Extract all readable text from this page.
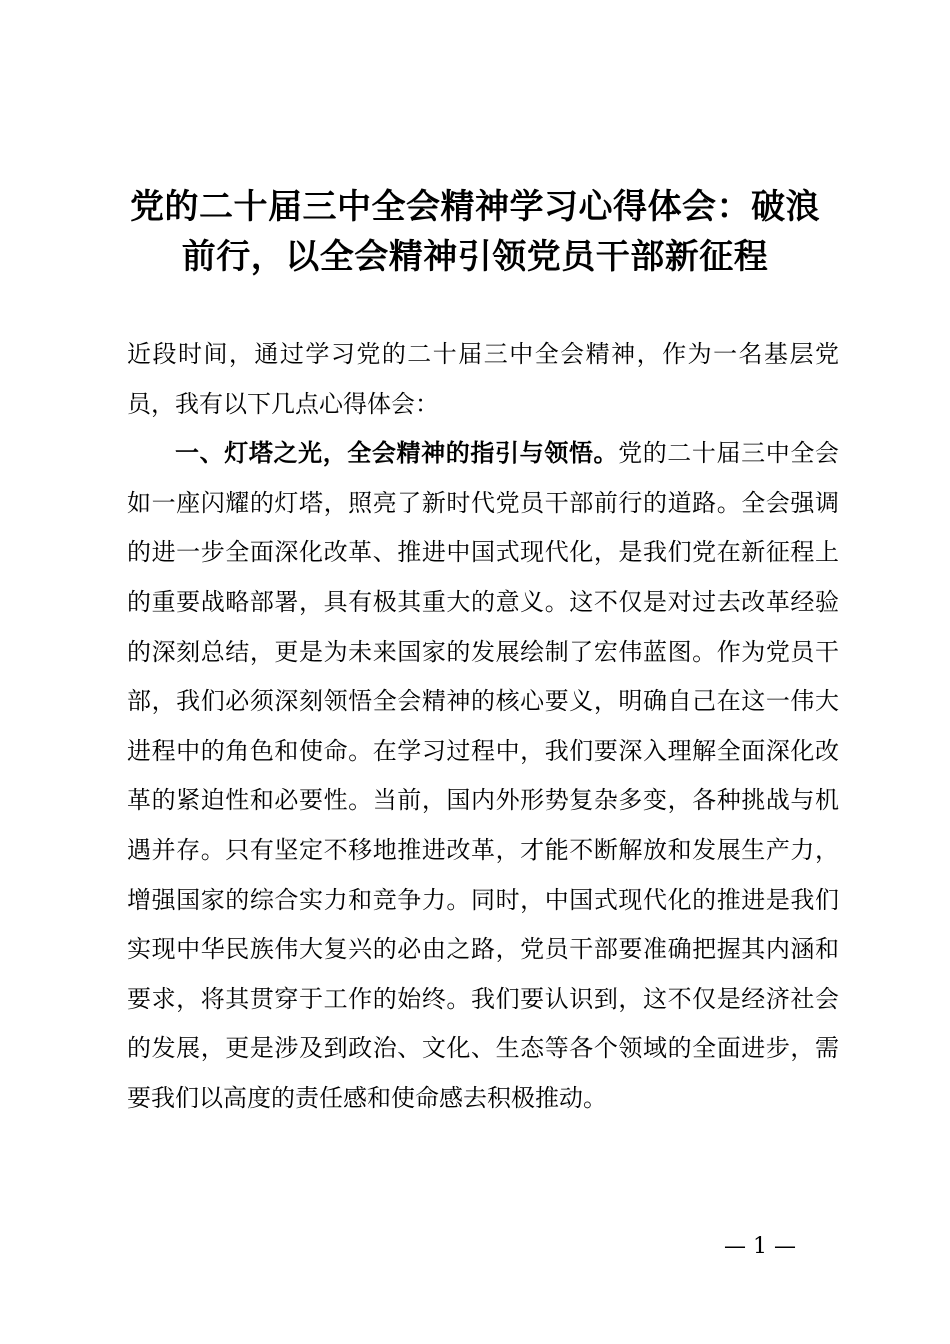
党的二十届三中全会精神学习心得体会：破浪
前行，以全会精神引领党员干部新征程

近段时间，通过学习党的二十届三中全会精神，作为一名基层党员，我有以下几点心得体会：

一、灯塔之光，全会精神的指引与领悟。党的二十届三中全会如一座闪耀的灯塔，照亮了新时代党员干部前行的道路。全会强调的进一步全面深化改革、推进中国式现代化，是我们党在新征程上的重要战略部署，具有极其重大的意义。这不仅是对过去改革经验的深刻总结，更是为未来国家的发展绘制了宏伟蓝图。作为党员干部，我们必须深刻领悟全会精神的核心要义，明确自己在这一伟大进程中的角色和使命。在学习过程中，我们要深入理解全面深化改革的紧迫性和必要性。当前，国内外形势复杂多变，各种挑战与机遇并存。只有坚定不移地推进改革，才能不断解放和发展生产力，增强国家的综合实力和竞争力。同时，中国式现代化的推进是我们实现中华民族伟大复兴的必由之路，党员干部要准确把握其内涵和要求，将其贯穿于工作的始终。我们要认识到，这不仅是经济社会的发展，更是涉及到政治、文化、生态等各个领域的全面进步，需要我们以高度的责任感和使命感去积极推动。

— 1 —
